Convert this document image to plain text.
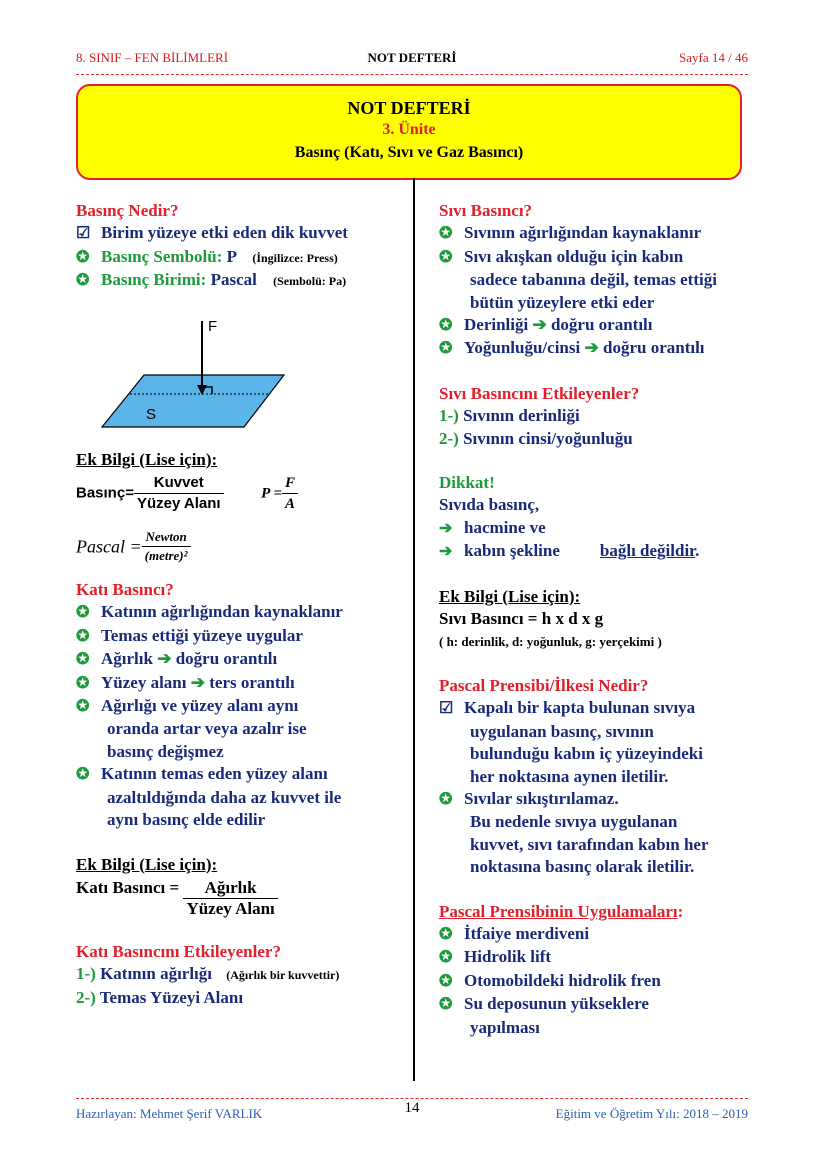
8. SINIF – FEN BİLİMLERİ	NOT DEFTERİ	Sayfa 14 / 46
NOT DEFTERİ
3. Ünite
Basınç (Katı, Sıvı ve Gaz Basıncı)
Basınç Nedir?
☑ Birim yüzeye etki eden dik kuvvet
✪ Basınç Sembolü: P (İngilizce: Press)
✪ Basınç Birimi: Pascal (Sembolü: Pa)
F
S
Ek Bilgi (Lise için):
Basınç= $\frac{\text{Kuvvet}}{\text{Yüzey Alanı}}$	$P = \frac{F}{A}$
Pascal = $\frac{\text{Newton}}{\text{(metre)²}}$
Katı Basıncı?
✪ Katının ağırlığından kaynaklanır
✪ Temas ettiği yüzeye uygular
✪ Ağırlık ➔ doğru orantılı
✪ Yüzey alanı ➔ ters orantılı
✪ Ağırlığı ve yüzey alanı aynı
oranda artar veya azalır ise
basınç değişmez
✪ Katının temas eden yüzey alanı
azaltıldığında daha az kuvvet ile
aynı basınç elde edilir
Ek Bilgi (Lise için):
Katı Basıncı = $\frac{\text{Ağırlık}}{\text{Yüzey Alanı}}$
Katı Basıncını Etkileyenler?
1-) Katının ağırlığı (Ağırlık bir kuvvettir)
2-) Temas Yüzeyi Alanı
Sıvı Basıncı?
✪ Sıvının ağırlığından kaynaklanır
✪ Sıvı akışkan olduğu için kabın
sadece tabanına değil, temas ettiği
bütün yüzeylere etki eder
✪ Derinliği ➔ doğru orantılı
✪ Yoğunluğu/cinsi ➔ doğru orantılı
Sıvı Basıncını Etkileyenler?
1-) Sıvının derinliği
2-) Sıvının cinsi/yoğunluğu
Dikkat!
Sıvıda basınç,
➔ hacmine ve
➔ kabın şekline bağlı değildir.
Ek Bilgi (Lise için):
Sıvı Basıncı = h x d x g
( h: derinlik, d: yoğunluk, g: yerçekimi )
Pascal Prensibi/İlkesi Nedir?
☑ Kapalı bir kapta bulunan sıvıya
uygulanan basınç, sıvının
bulunduğu kabın iç yüzeyindeki
her noktasına aynen iletilir.
✪ Sıvılar sıkıştırılamaz.
Bu nedenle sıvıya uygulanan
kuvvet, sıvı tarafından kabın her
noktasına basınç olarak iletilir.
Pascal Prensibinin Uygulamaları:
✪ İtfaiye merdiveni
✪ Hidrolik lift
✪ Otomobildeki hidrolik fren
✪ Su deposunun yükseklere
yapılması
Hazırlayan: Mehmet Şerif VARLIK	14	Eğitim ve Öğretim Yılı: 2018 – 2019
